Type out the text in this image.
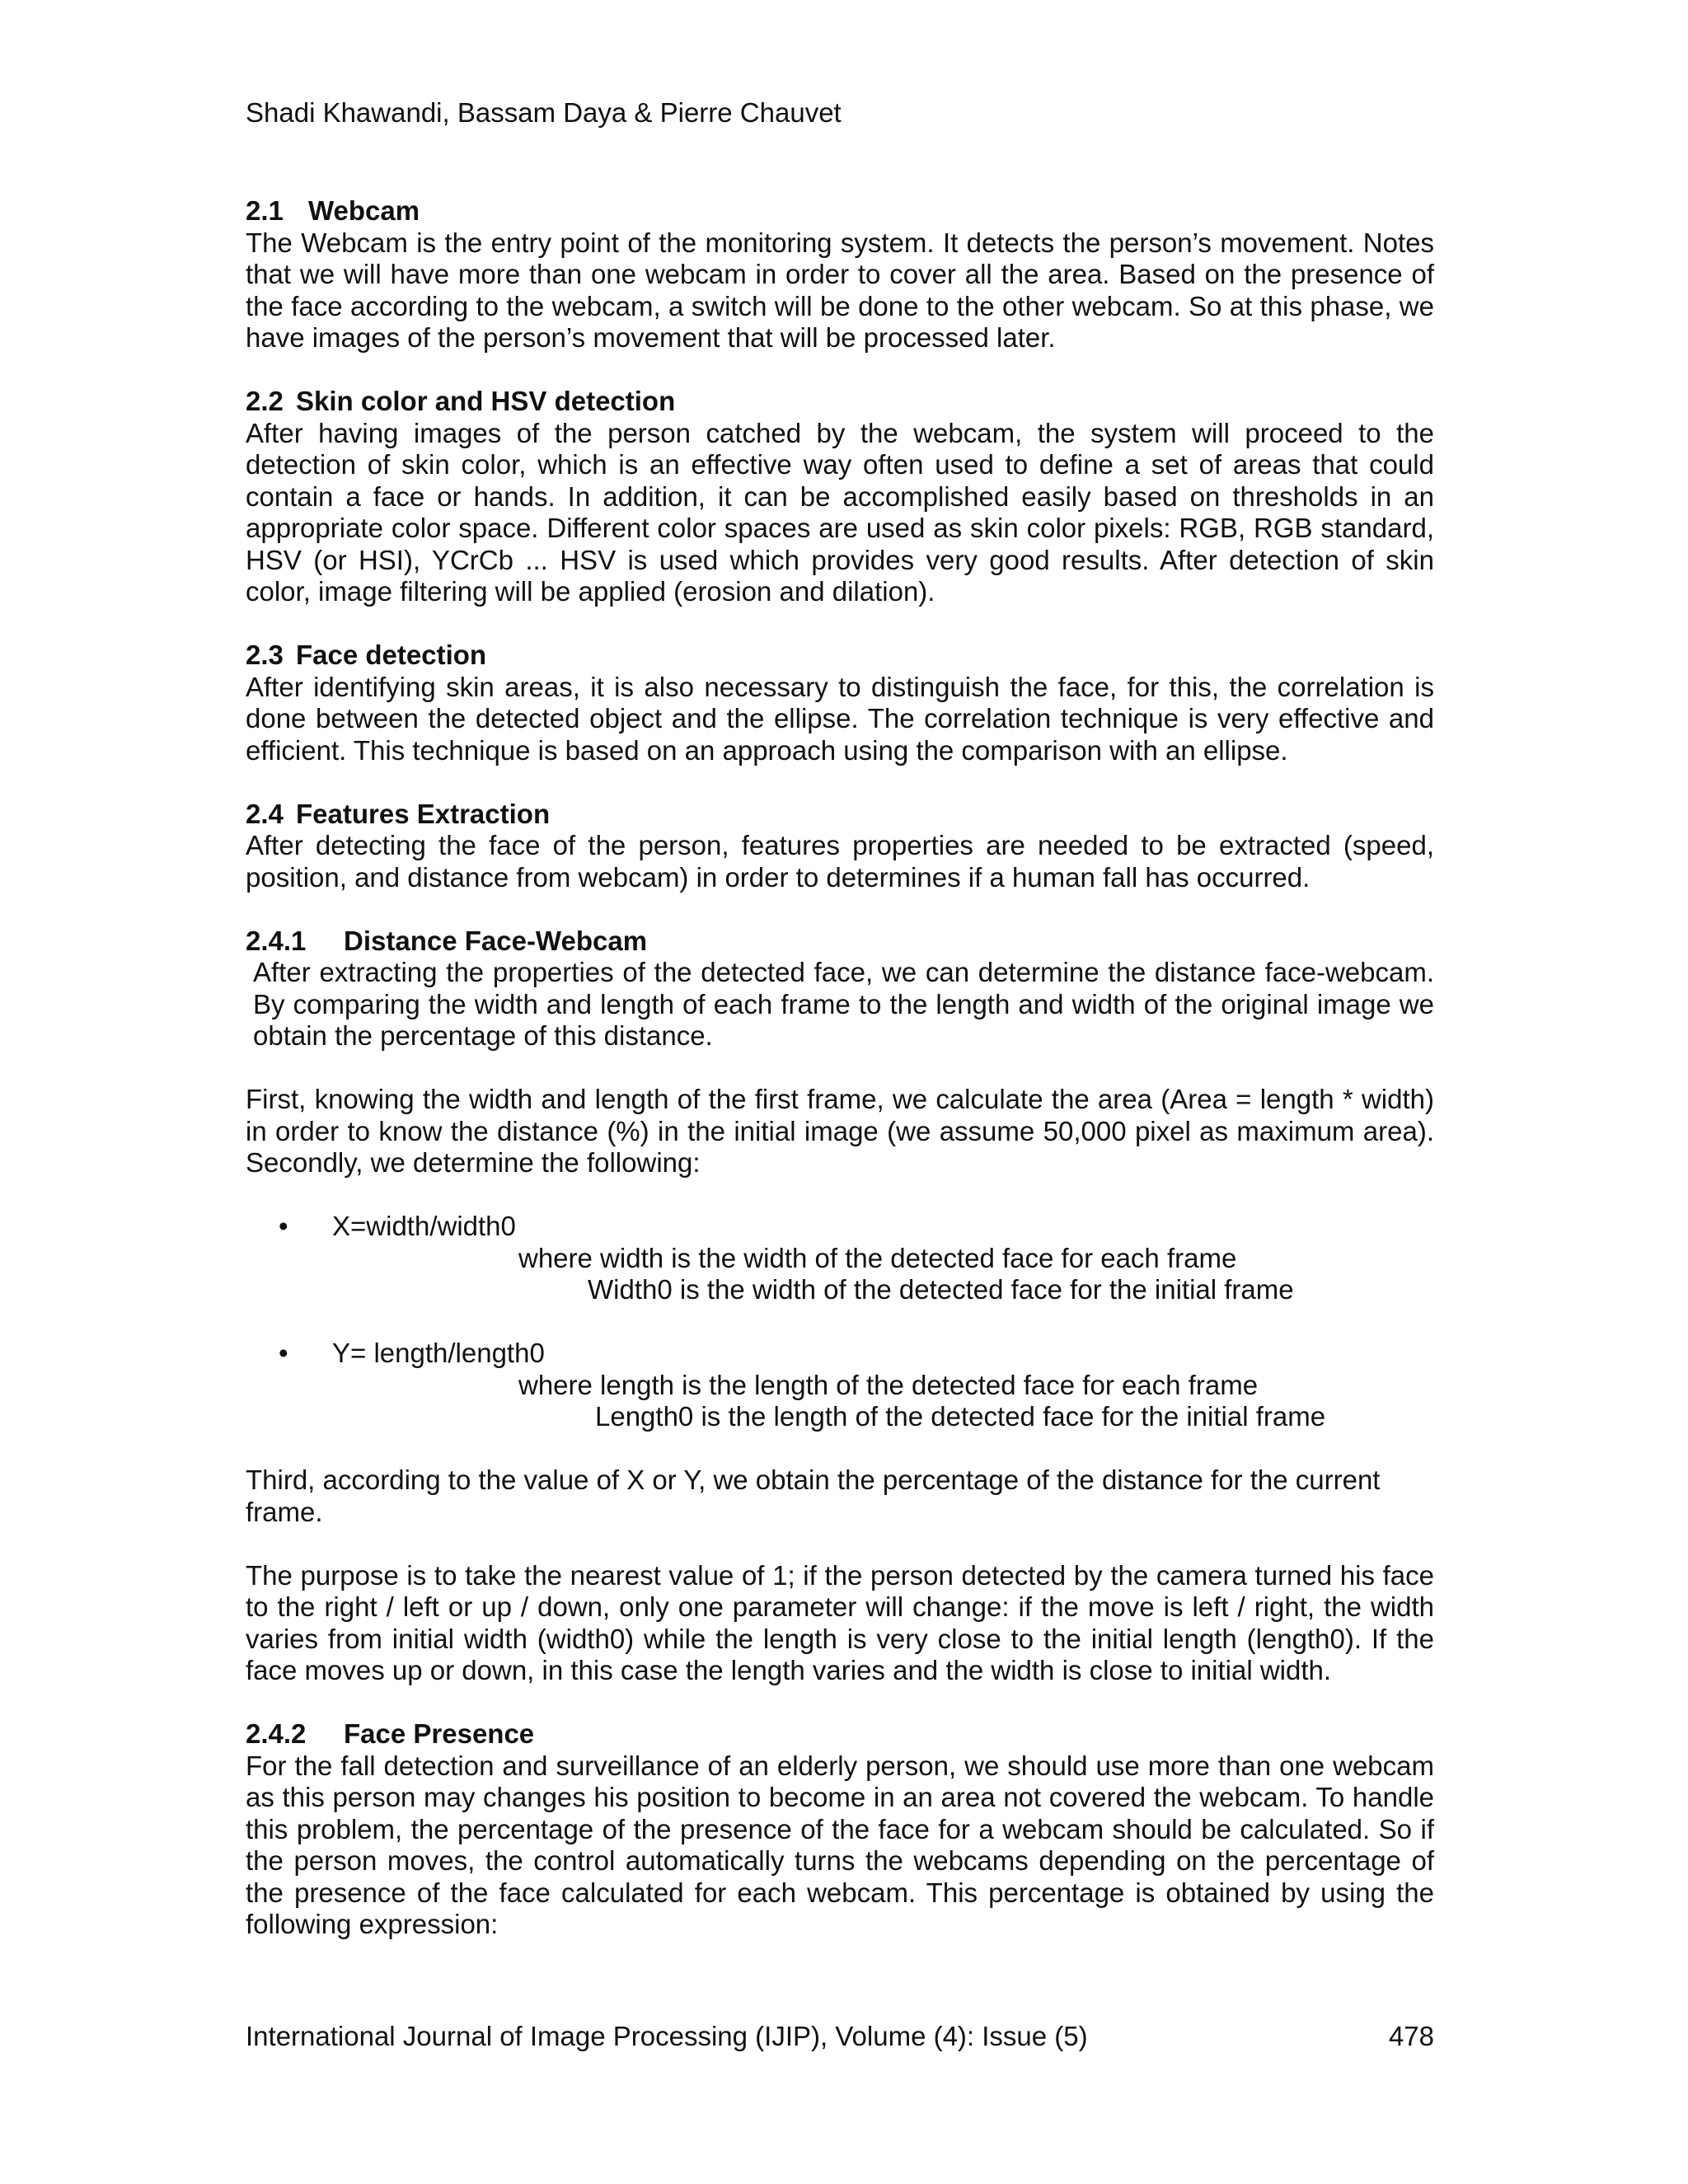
Shadi Khawandi, Bassam Daya & Pierre Chauvet

2.1 Webcam

The Webcam is the entry point of the monitoring system. It detects the person’s movement. Notes that we will have more than one webcam in order to cover all the area. Based on the presence of the face according to the webcam, a switch will be done to the other webcam. So at this phase, we have images of the person’s movement that will be processed later.

2.2 Skin color and HSV detection

After having images of the person catched by the webcam, the system will proceed to the detection of skin color, which is an effective way often used to define a set of areas that could contain a face or hands. In addition, it can be accomplished easily based on thresholds in an appropriate color space. Different color spaces are used as skin color pixels: RGB, RGB standard, HSV (or HSI), YCrCb ... HSV is used which provides very good results. After detection of skin color, image filtering will be applied (erosion and dilation).

2.3 Face detection

After identifying skin areas, it is also necessary to distinguish the face, for this, the correlation is done between the detected object and the ellipse. The correlation technique is very effective and efficient. This technique is based on an approach using the comparison with an ellipse.

2.4 Features Extraction

After detecting the face of the person, features properties are needed to be extracted (speed, position, and distance from webcam) in order to determines if a human fall has occurred.

2.4.1 Distance Face-Webcam

After extracting the properties of the detected face, we can determine the distance face-webcam. By comparing the width and length of each frame to the length and width of the original image we obtain the percentage of this distance.

First, knowing the width and length of the first frame, we calculate the area (Area = length * width) in order to know the distance (%) in the initial image (we assume 50,000 pixel as maximum area). Secondly, we determine the following:

• X=width/width0
where width is the width of the detected face for each frame
Width0 is the width of the detected face for the initial frame
• Y= length/length0
where length is the length of the detected face for each frame
Length0 is the length of the detected face for the initial frame

Third, according to the value of X or Y, we obtain the percentage of the distance for the current frame.

The purpose is to take the nearest value of 1; if the person detected by the camera turned his face to the right / left or up / down, only one parameter will change: if the move is left / right, the width varies from initial width (width0) while the length is very close to the initial length (length0). If the face moves up or down, in this case the length varies and the width is close to initial width.

2.4.2 Face Presence

For the fall detection and surveillance of an elderly person, we should use more than one webcam as this person may changes his position to become in an area not covered the webcam. To handle this problem, the percentage of the presence of the face for a webcam should be calculated. So if the person moves, the control automatically turns the webcams depending on the percentage of the presence of the face calculated for each webcam. This percentage is obtained by using the following expression:

International Journal of Image Processing (IJIP), Volume (4): Issue (5)	478
